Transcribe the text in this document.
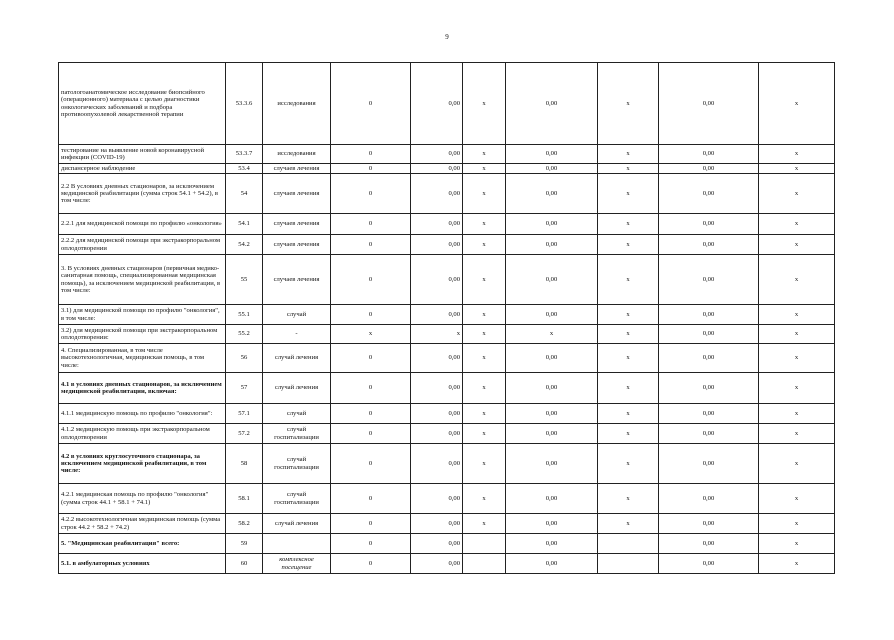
9
патологоанатомическое исследование биопсийного (операционного) материала с целью диагностики онкологических заболеваний и подбора противоопухолевой лекарственной терапии	53.3.6	исследования	0	0,00	х	0,00	х	0,00	х
тестирование на выявление новой коронавирусной инфекции (COVID-19)	53.3.7	исследования	0	0,00	х	0,00	х	0,00	х
диспансерное наблюдение	53.4	случаев лечения	0	0,00	х	0,00	х	0,00	х
2.2 В условиях дневных стационаров, за исключением медицинской реабилитации (сумма строк 54.1 + 54.2), в том числе:	54	случаев лечения	0	0,00	х	0,00	х	0,00	х
2.2.1 для медицинской помощи по профилю «онкология»	54.1	случаев лечения	0	0,00	х	0,00	х	0,00	х
2.2.2 для медицинской помощи при экстракорпоральном оплодотворении	54.2	случаев лечения	0	0,00	х	0,00	х	0,00	х
3. В условиях дневных стационаров (первичная медико-санитарная помощь, специализированная медицинская помощь), за исключением медицинской реабилитации, в том числе:	55	случаев лечения	0	0,00	х	0,00	х	0,00	х
3.1) для медицинской помощи по профилю "онкология", в том числе:	55.1	случай	0	0,00	х	0,00	х	0,00	х
3.2) для медицинской помощи при экстракорпоральном оплодотворении:	55.2	-	х	х	х	х	х	0,00	х
4. Специализированная, в том числе высокотехнологичная, медицинская помощь, в том числе:	56	случай лечения	0	0,00	х	0,00	х	0,00	х
4.1 в условиях дневных стационаров, за исключением медицинской реабилитации, включая:	57	случай лечения	0	0,00	х	0,00	х	0,00	х
4.1.1 медицинскую помощь по профилю "онкология":	57.1	случай	0	0,00	х	0,00	х	0,00	х
4.1.2 медицинскую помощь при экстракорпоральном оплодотворении	57.2	случай госпитализации	0	0,00	х	0,00	х	0,00	х
4.2 в условиях круглосуточного стационара, за исключением медицинской реабилитации, в том числе:	58	случай госпитализации	0	0,00	х	0,00	х	0,00	х
4.2.1 медицинская помощь по профилю "онкология" (сумма строк 44.1 + 58.1 + 74.1)	58.1	случай госпитализации	0	0,00	х	0,00	х	0,00	х
4.2.2 высокотехнологичная медицинская помощь (сумма строк 44.2 + 58.2 + 74.2)	58.2	случай лечения	0	0,00	х	0,00	х	0,00	х
5. "Медицинская реабилитация" всего:	59		0	0,00		0,00		0,00	х
5.1. в амбулаторных условиях	60	комплексное посещение	0	0,00		0,00		0,00	х
